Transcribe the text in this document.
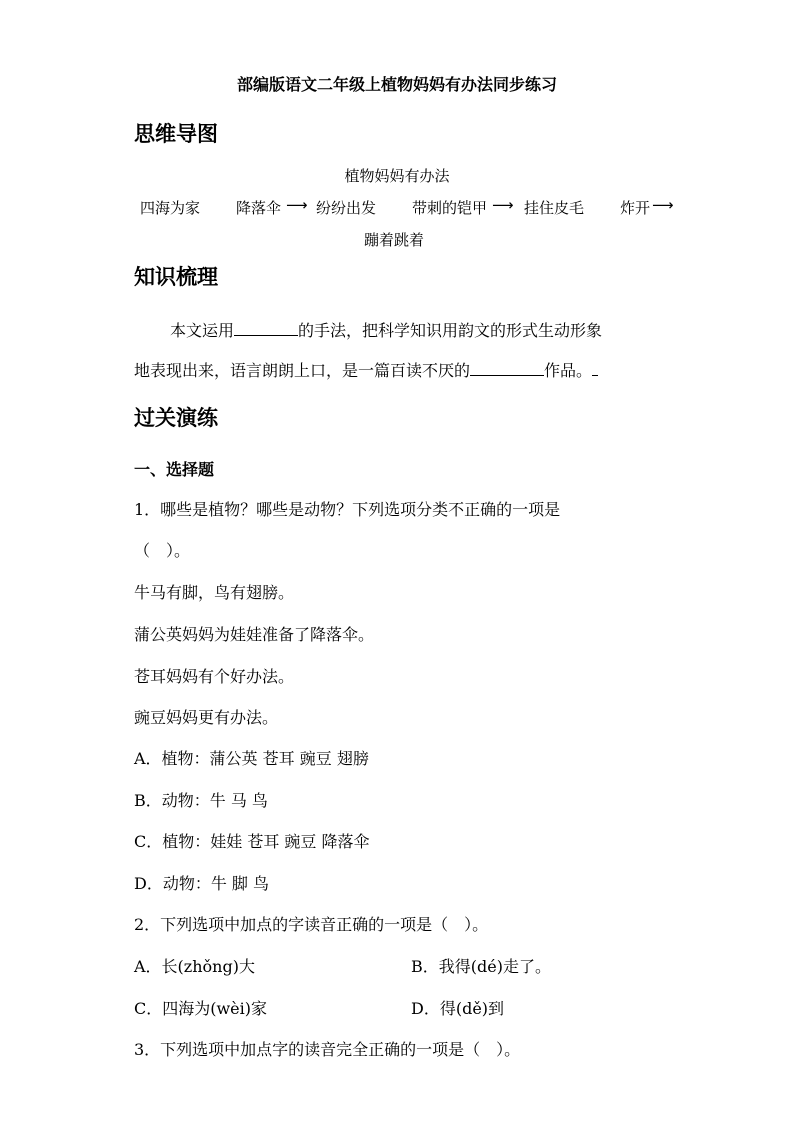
部编版语文二年级上植物妈妈有办法同步练习
思维导图
植物妈妈有办法
四海为家 降落伞 ⟶ 纷纷出发 带刺的铠甲 ⟶ 挂住皮毛 炸开 ⟶
蹦着跳着
知识梳理
本文运用	的手法，把科学知识用韵文的形式生动形象
地表现出来，语言朗朗上口，是一篇百读不厌的	作品。
过关演练
一、选择题
1．哪些是植物？哪些是动物？下列选项分类不正确的一项是
（　）。
牛马有脚，鸟有翅膀。
蒲公英妈妈为娃娃准备了降落伞。
苍耳妈妈有个好办法。
豌豆妈妈更有办法。
A．植物：蒲公英 苍耳 豌豆 翅膀
B．动物：牛 马 鸟
C．植物：娃娃 苍耳 豌豆 降落伞
D．动物：牛 脚 鸟
2．下列选项中加点的字读音正确的一项是（　）。
A．长(zhǒng)大	B．我得(dé)走了。
C．四海为(wèi)家	D．得(dě)到
3．下列选项中加点字的读音完全正确的一项是（　）。
